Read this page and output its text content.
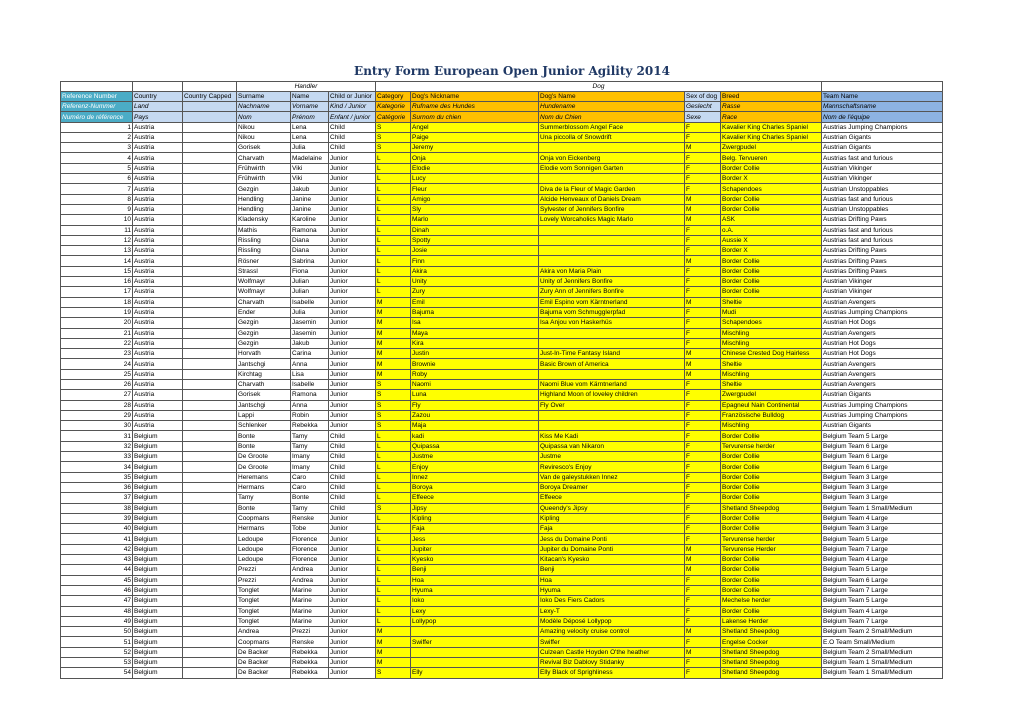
Entry Form European Open Junior Agility 2014
			Handler			Dog					
Reference Number	Country	Country Capped	Surname	Name	Child or Junior	Category	Dog's Nickname	Dog's Name	Sex of dog	Breed	Team Name
Referenz-Nummer	Land		Nachname	Vorname	Kind / Junior	Kategorie	Rufname des Hundes	Hundename	Geslecht	Rasse	Mannschaftsname
Numéro de référence	Pays		Nom	Prénom	Enfant / junior	Catégorie	Surnom du chien	Nom du Chien	Sexe	Race	Nom de l'équipe
1	Austria		Nikou	Lena	Child	S	Angel	Summerblossom Angel Face	F	Kavalier King Charles Spaniel	Austrias Jumping Champions
2	Austria		Nikou	Lena	Child	S	Paige	Una piccolla of Snowdrift	F	Kavalier King Charles Spaniel	Austrian Gigants
3	Austria		Gorisek	Julia	Child	S	Jeremy		M	Zwergpudel	Austrian Gigants
4	Austria		Charvath	Madelaine	Junior	L	Onja	Onja von Eickenberg	F	Belg. Tervueren	Austrias fast and furious
5	Austria		Frühwirth	Viki	Junior	L	Elodie	Elodie vom Sonnigen Garten	F	Border Collie	Austrian Vikinger
6	Austria		Frühwirth	Viki	Junior	L	Lucy		F	Border X	Austrian Vikinger
7	Austria		Gezgin	Jakub	Junior	L	Fleur	Diva de la Fleur of Magic Garden	F	Schapendoes	Austrian Unstoppables
8	Austria		Hendling	Janine	Junior	L	Amigo	Alcide Henveaux of Daniels Dream	M	Border Collie	Austrias fast and furious
9	Austria		Hendling	Janine	Junior	L	Sly	Sylvester of Jennifers Bonfire	M	Border Collie	Austrian Unstoppables
10	Austria		Kladensky	Karoline	Junior	L	Marlo	Lovely Worcaholics Magic Marlo	M	ASK	Austrias Drifting Paws
11	Austria		Mathis	Ramona	Junior	L	Dinah		F	o.A.	Austrias fast and furious
12	Austria		Rissling	Diana	Junior	L	Spotty		F	Aussie X	Austrias fast and furious
13	Austria		Rissling	Diana	Junior	L	Josie		F	Border X	Austrias Drifting Paws
14	Austria		Rösner	Sabrina	Junior	L	Finn		M	Border Collie	Austrias Drifting Paws
15	Austria		Strassl	Fiona	Junior	L	Akira	Akira von Maria Plain	F	Border Collie	Austrias Drifting Paws
16	Austria		Wolfmayr	Julian	Junior	L	Unity	Unity of Jennifers Bonfire	F	Border Collie	Austrian Vikinger
17	Austria		Wolfmayr	Julian	Junior	L	Zury	Zury Ann of Jennifers Bonfire	F	Border Collie	Austrian Vikinger
18	Austria		Charvath	Isabelle	Junior	M	Emil	Emil Espino vom Kärntnerland	M	Sheltie	Austrian Avengers
19	Austria		Ender	Julia	Junior	M	Bajuma	Bajuma vom Schmugglerpfad	F	Mudi	Austrias Jumping Champions
20	Austria		Gezgin	Jasemin	Junior	M	Isa	Isa Anjou von Haskerhüs	F	Schapendoes	Austrian Hot Dogs
21	Austria		Gezgin	Jasemin	Junior	M	Maya		F	Mischling	Austrian Avengers
22	Austria		Gezgin	Jakub	Junior	M	Kira		F	Mischling	Austrian Hot Dogs
23	Austria		Horvath	Carina	Junior	M	Justin	Just-In-Time Fantasy Island	M	Chinese Crested Dog Hairless	Austrian Hot Dogs
24	Austria		Jantschgi	Anna	Junior	M	Brownie	Basic Brown of America	M	Sheltie	Austrian Avengers
25	Austria		Kirchtag	Lisa	Junior	M	Roby		M	Mischling	Austrian Avengers
26	Austria		Charvath	Isabelle	Junior	S	Naomi	Naomi Blue vom Kärntnerland	F	Sheltie	Austrian Avengers
27	Austria		Gorisek	Ramona	Junior	S	Luna	Highland Moon of loveley children	F	Zwergpudel	Austrian Gigants
28	Austria		Jantschgi	Anna	Junior	S	Fly	Fly Over	F	Epagneul Nain Continental	Austrias Jumping Champions
29	Austria		Lappi	Robin	Junior	S	Zazou		F	Französische Bulldog	Austrias Jumping Champions
30	Austria		Schlenker	Rebekka	Junior	S	Maja		F	Mischling	Austrian Gigants
31	Belgium		Bonte	Tamy	Child	L	kadi	Kiss Me Kadi	F	Border Collie	Belgium Team 5 Large
32	Belgium		Bonte	Tamy	Child	L	Quipassa	Quipassa van Nikaron	F	Tervurense herder	Belgium Team 6 Large
33	Belgium		De Groote	Imany	Child	L	Justme	Justme	F	Border Collie	Belgium Team 6 Large
34	Belgium		De Groote	Imany	Child	L	Enjoy	Reviresco's Enjoy	F	Border Collie	Belgium Team 6 Large
35	Belgium		Heremans	Caro	Child	L	Innez	Van de galeystukken Innez	F	Border Collie	Belgium Team 3 Large
36	Belgium		Hermans	Caro	Child	L	Boroya	Boroya Dreamer	F	Border Collie	Belgium Team 3 Large
37	Belgium		Tamy	Bonte	Child	L	Effeece	Effeece	F	Border Collie	Belgium Team 3 Large
38	Belgium		Bonte	Tamy	Child	S	Jipsy	Queendy's Jipsy	F	Shetland Sheepdog	Belgium Team 1 Small/Medium
39	Belgium		Coopmans	Renske	Junior	L	Kipling	Kipling	F	Border Collie	Belgium Team 4 Large
40	Belgium		Hermans	Tobe	Junior	L	Faja	Faja	F	Border Collie	Belgium Team 3 Large
41	Belgium		Ledoupe	Florence	Junior	L	Jess	Jess du Domaine Ponti	F	Tervurense herder	Belgium Team 5 Large
42	Belgium		Ledoupe	Florence	Junior	L	Jupiter	Jupiter du Domaine Ponti	M	Tervurense Herder	Belgium Team 7 Large
43	Belgium		Ledoupe	Florence	Junior	L	Kyesko	Kitacan's Kyesko	M	Border Collie	Belgium Team 4 Large
44	Belgium		Prezzi	Andrea	Junior	L	Benji	Benji	M	Border Collie	Belgium Team 5 Large
45	Belgium		Prezzi	Andrea	Junior	L	Hoa	Hoa	F	Border Collie	Belgium Team 6 Large
46	Belgium		Tonglet	Marine	Junior	L	Hyuma	Hyuma	F	Border Collie	Belgium Team 7 Large
47	Belgium		Tonglet	Marine	Junior	L	Ioko	Ioko Des Fiers Cadors	F	Mechelse herder	Belgium Team 5 Large
48	Belgium		Tonglet	Marine	Junior	L	Lexy	Lexy-T	F	Border Collie	Belgium Team 4 Large
49	Belgium		Tonglet	Marine	Junior	L	Lollypop	Modèle Déposé Lollypop	F	Lakense Herder	Belgium Team 7 Large
50	Belgium		Andrea	Prezzi	Junior	M		Amazing velocity cruise control	M	Shetland Sheepdog	Belgium Team 2 Small/Medium
51	Belgium		Coopmans	Renske	Junior	M	Swiffer	Swiffer	F	Engelse Cocker	E.O Team Small/Medium
52	Belgium		De Backer	Rebekka	Junior	M		Culzean Castle Hoyden O'the heather	M	Shetland Sheepdog	Belgium Team 2 Small/Medium
53	Belgium		De Backer	Rebekka	Junior	M		Revival Biz Dablovy Stidanky	F	Shetland Sheepdog	Belgium Team 1 Small/Medium
54	Belgium		De Backer	Rebekka	Junior	S	Elly	Elly Black of Sprighliness	F	Shetland Sheepdog	Belgium Team 1 Small/Medium
